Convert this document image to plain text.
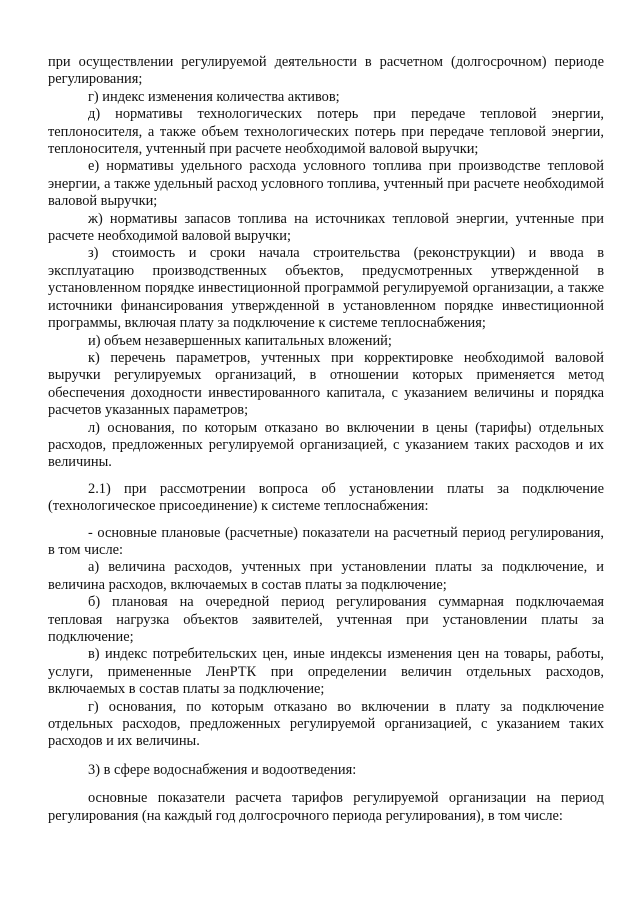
при осуществлении регулируемой деятельности в расчетном (долгосрочном) периоде регулирования;

г) индекс изменения количества активов;

д) нормативы технологических потерь при передаче тепловой энергии, теплоносителя, а также объем технологических потерь при передаче тепловой энергии, теплоносителя, учтенный при расчете необходимой валовой выручки;

е) нормативы удельного расхода условного топлива при производстве тепловой энергии, а также удельный расход условного топлива, учтенный при расчете необходимой валовой выручки;

ж) нормативы запасов топлива на источниках тепловой энергии, учтенные при расчете необходимой валовой выручки;

з) стоимость и сроки начала строительства (реконструкции) и ввода в эксплуатацию производственных объектов, предусмотренных утвержденной в установленном порядке инвестиционной программой регулируемой организации, а также источники финансирования утвержденной в установленном порядке инвестиционной программы, включая плату за подключение к системе теплоснабжения;

и) объем незавершенных капитальных вложений;

к) перечень параметров, учтенных при корректировке необходимой валовой выручки регулируемых организаций, в отношении которых применяется метод обеспечения доходности инвестированного капитала, с указанием величины и порядка расчетов указанных параметров;

л) основания, по которым отказано во включении в цены (тарифы) отдельных расходов, предложенных регулируемой организацией, с указанием таких расходов и их величины.

2.1) при рассмотрении вопроса об установлении платы за подключение (технологическое присоединение) к системе теплоснабжения:

- основные плановые (расчетные) показатели на расчетный период регулирования, в том числе:

а) величина расходов, учтенных при установлении платы за подключение, и величина расходов, включаемых в состав платы за подключение;

б) плановая на очередной период регулирования суммарная подключаемая тепловая нагрузка объектов заявителей, учтенная при установлении платы за подключение;

в) индекс потребительских цен, иные индексы изменения цен на товары, работы, услуги, примененные ЛенРТК при определении величин отдельных расходов, включаемых в состав платы за подключение;

г) основания, по которым отказано во включении в плату за подключение отдельных расходов, предложенных регулируемой организацией, с указанием таких расходов и их величины.

3) в сфере водоснабжения и водоотведения:

основные показатели расчета тарифов регулируемой организации на период регулирования (на каждый год долгосрочного периода регулирования), в том числе:
